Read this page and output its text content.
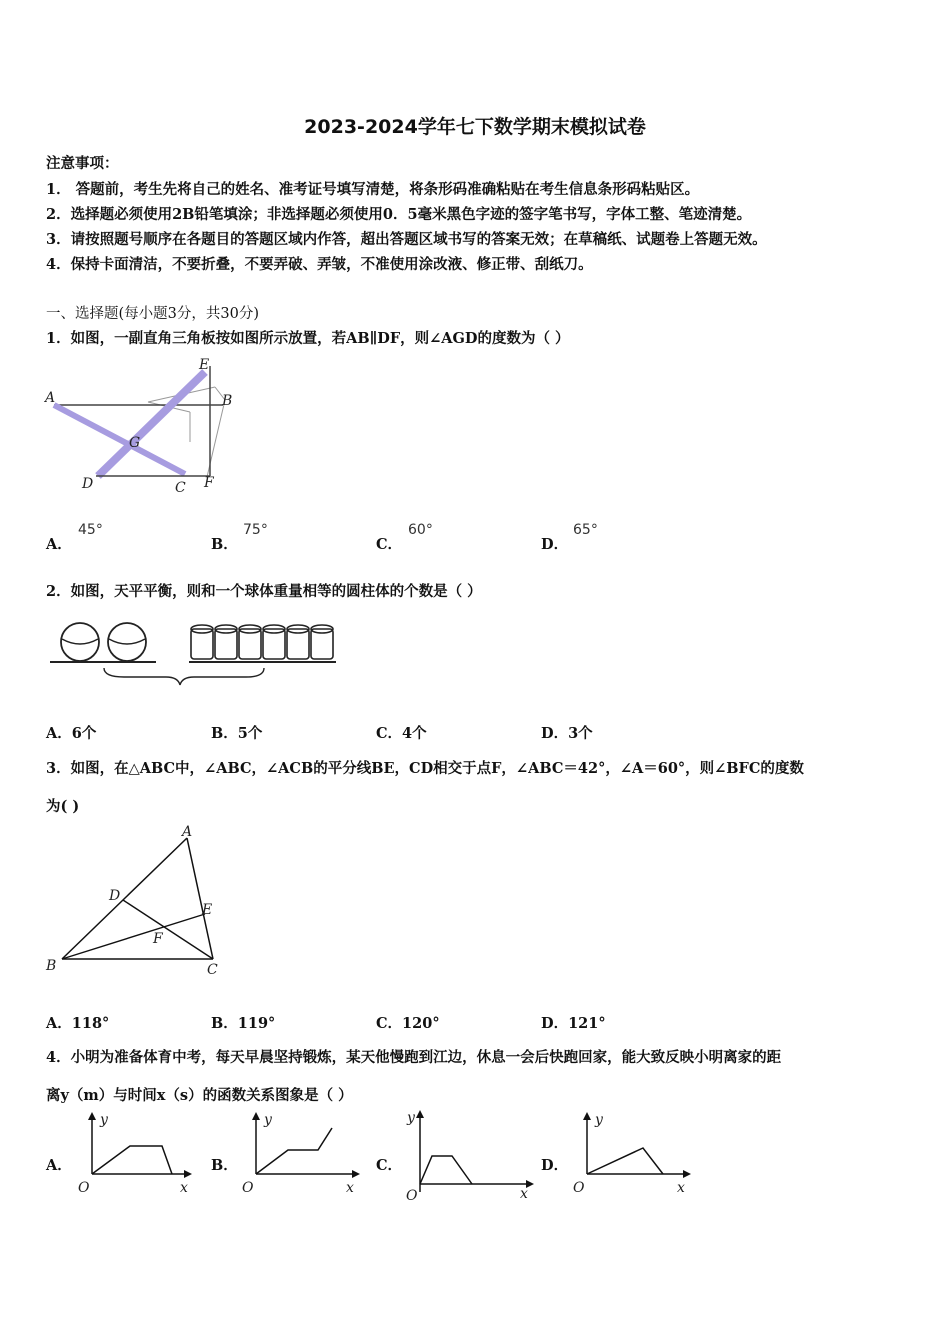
2023-2024学年七下数学期末模拟试卷
注意事项：
1． 答题前，考生先将自己的姓名、准考证号填写清楚，将条形码准确粘贴在考生信息条形码粘贴区。
2．选择题必须使用2B铅笔填涂；非选择题必须使用0．5毫米黑色字迹的签字笔书写，字体工整、笔迹清楚。
3．请按照题号顺序在各题目的答题区域内作答，超出答题区域书写的答案无效；在草稿纸、试题卷上答题无效。
4．保持卡面清洁，不要折叠，不要弄破、弄皱，不准使用涂改液、修正带、刮纸刀。
一、选择题(每小题3分，共30分)
1．如图，一副直角三角板按如图所示放置，若AB∥DF，则∠AGD的度数为（ ）
A
E
B
G
D	C F
A．
45°
B．
75°
C．
60°
D．
65°
2．如图，天平平衡，则和一个球体重量相等的圆柱体的个数是（ ）
A．6个	B．5个	C．4个	D．3个
3．如图，在△ABC中，∠ABC，∠ACB的平分线BE，CD相交于点F，∠ABC＝42°，∠A＝60°，则∠BFC的度数
为( )
A
D
E
F
B	C
A．118°	B．119°	C．120°	D．121°
4．小明为准备体育中考，每天早晨坚持锻炼，某天他慢跑到江边，休息一会后快跑回家，能大致反映小明离家的距
离y（m）与时间x（s）的函数关系图象是（ ）
A．
y
x
O
B．
y
x
O
C．
y
x
O
D．
y
x
O
